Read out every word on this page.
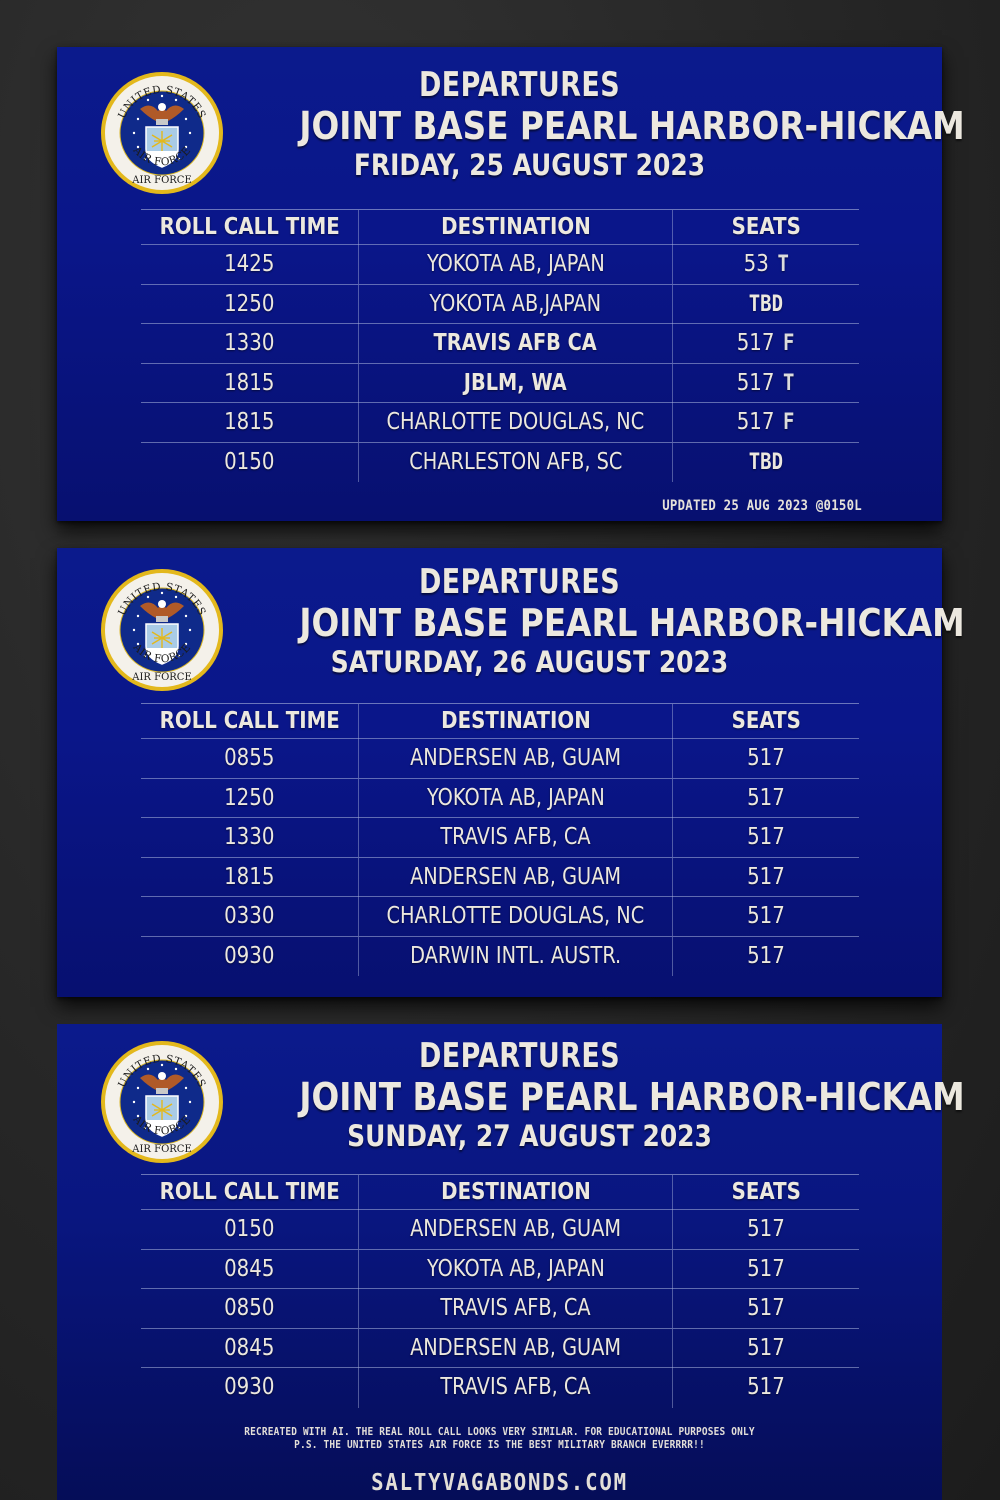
AIR FORCE
DEPARTURES
JOINT BASE PEARL HARBOR-HICKAM
FRIDAY, 25 AUGUST 2023
ROLL CALL TIME	DESTINATION	SEATS
1425	YOKOTA AB, JAPAN	53 T
1250	YOKOTA AB,JAPAN	TBD
1330	TRAVIS AFB CA	517 F
1815	JBLM, WA	517 T
1815	CHARLOTTE DOUGLAS, NC	517 F
0150	CHARLESTON AFB, SC	TBD
UPDATED 25 AUG 2023 @0150L
AIR FORCE
DEPARTURES
JOINT BASE PEARL HARBOR-HICKAM
SATURDAY, 26 AUGUST 2023
ROLL CALL TIME	DESTINATION	SEATS
0855	ANDERSEN AB, GUAM	517
1250	YOKOTA AB, JAPAN	517
1330	TRAVIS AFB, CA	517
1815	ANDERSEN AB, GUAM	517
0330	CHARLOTTE DOUGLAS, NC	517
0930	DARWIN INTL. AUSTR.	517
AIR FORCE
DEPARTURES
JOINT BASE PEARL HARBOR-HICKAM
SUNDAY, 27 AUGUST 2023
ROLL CALL TIME	DESTINATION	SEATS
0150	ANDERSEN AB, GUAM	517
0845	YOKOTA AB, JAPAN	517
0850	TRAVIS AFB, CA	517
0845	ANDERSEN AB, GUAM	517
0930	TRAVIS AFB, CA	517
RECREATED WITH AI. THE REAL ROLL CALL LOOKS VERY SIMILAR. FOR EDUCATIONAL PURPOSES ONLY
P.S. THE UNITED STATES AIR FORCE IS THE BEST MILITARY BRANCH EVERRRR!!
SALTYVAGABONDS.COM
